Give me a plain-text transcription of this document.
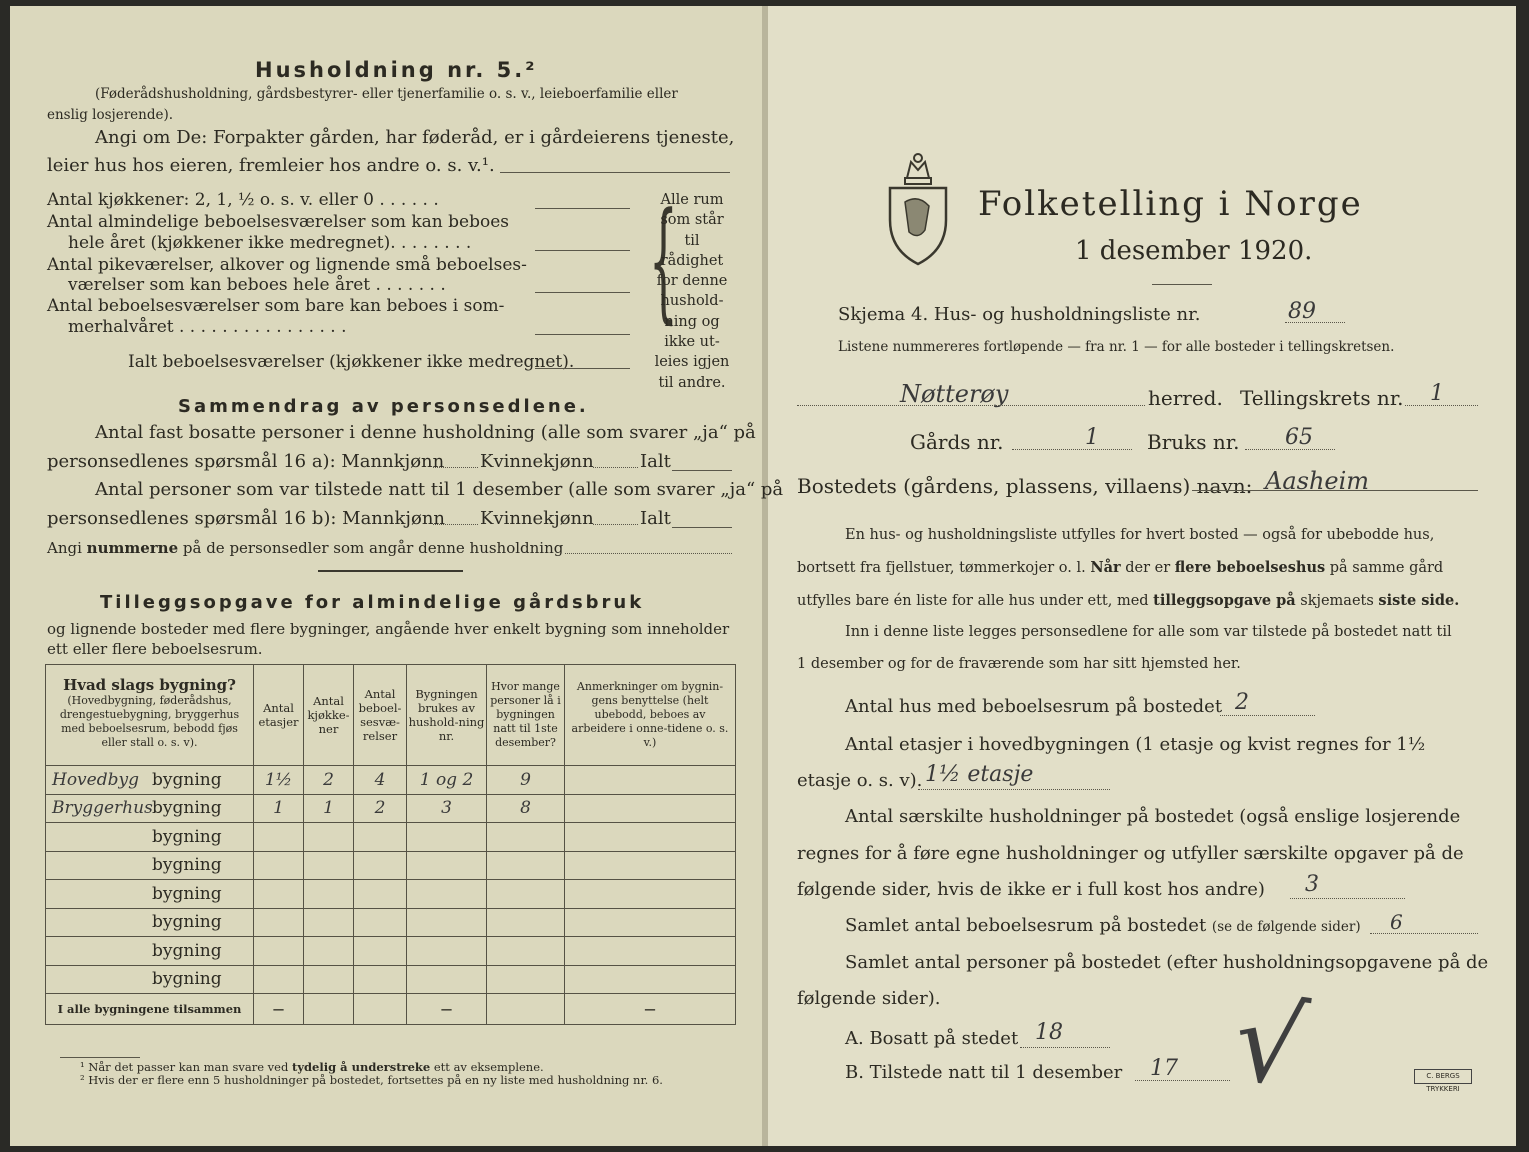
Husholdning nr. 5.²
(Føderådshusholdning, gårdsbestyrer- eller tjenerfamilie o. s. v., leieboerfamilie eller
enslig losjerende).
Angi om De: Forpakter gården, har føderåd, er i gårdeierens tjeneste,
leier hus hos eieren, fremleier hos andre o. s. v.¹.
Antal kjøkkener: 2, 1, ½ o. s. v. eller 0 . . . . . .
Antal almindelige beboelsesværelser som kan beboes
hele året (kjøkkener ikke medregnet). . . . . . . .
Antal pikeværelser, alkover og lignende små beboelses-
værelser som kan beboes hele året . . . . . . .
Antal beboelsesværelser som bare kan beboes i som-
merhalvåret . . . . . . . . . . . . . . . .
Ialt beboelsesværelser (kjøkkener ikke medregnet).
{
Alle rum
som står til
rådighet
for denne
hushold-
ning og
ikke ut-
leies igjen
til andre.
Sammendrag av personsedlene.
Antal fast bosatte personer i denne husholdning (alle som svarer „ja“ på
personsedlenes spørsmål 16 a): Mannkjønn Kvinnekjønn	Ialt
Antal personer som var tilstede natt til 1 desember (alle som svarer „ja“ på
personsedlenes spørsmål 16 b): Mannkjønn Kvinnekjønn	Ialt
Angi nummerne på de personsedler som angår denne husholdning
Tilleggsopgave for almindelige gårdsbruk
og lignende bosteder med flere bygninger, angående hver enkelt bygning som inneholder
ett eller flere beboelsesrum.
Hvad slags bygning?
(Hovedbygning, føderådshus, drengestuebygning, bryggerhus med beboelsesrum, bebodd fjøs eller stall o. s. v).	Antal etasjer	Antal kjøkke-ner	Antal beboel-sesvæ-relser	Bygningen brukes av hushold-ning nr.	Hvor mange personer lå i bygningen natt til 1ste desember?	Anmerkninger om bygnin-gens benyttelse (helt ubebodd, beboes av arbeidere i onne-tidene o. s. v.)
Hovedbyg bygning	1½	2	4	1 og 2	9	
Bryggerhusbygning	1	1	2	3	8	
bygning						
bygning						
bygning						
bygning						
bygning						
bygning						
I alle bygningene tilsammen	—			—		—
¹ Når det passer kan man svare ved tydelig å understreke ett av eksemplene.
² Hvis der er flere enn 5 husholdninger på bostedet, fortsettes på en ny liste med husholdning nr. 6.
Folketelling i Norge
1 desember 1920.
Skjema 4. Hus- og husholdningsliste nr.	89
Listene nummereres fortløpende — fra nr. 1 — for alle bosteder i tellingskretsen.
Nøtterøy	herred. Tellingskrets nr. 1
Gårds nr.	1 Bruks nr. 65
Bostedets (gårdens, plassens, villaens) navn: Aasheim
En hus- og husholdningsliste utfylles for hvert bosted — også for ubebodde hus,
bortsett fra fjellstuer, tømmerkojer o. l. Når der er flere beboelseshus på samme gård
utfylles bare én liste for alle hus under ett, med tilleggsopgave på skjemaets siste side.
Inn i denne liste legges personsedlene for alle som var tilstede på bostedet natt til
1 desember og for de fraværende som har sitt hjemsted her.
Antal hus med beboelsesrum på bostedet 2
Antal etasjer i hovedbygningen (1 etasje og kvist regnes for 1½
etasje o. s. v). 1½ etasje
Antal særskilte husholdninger på bostedet (også enslige losjerende
regnes for å føre egne husholdninger og utfyller særskilte opgaver på de
følgende sider, hvis de ikke er i full kost hos andre) 3
Samlet antal beboelsesrum på bostedet (se de følgende sider) 6
Samlet antal personer på bostedet (efter husholdningsopgavene på de
følgende sider).
A. Bosatt på stedet 18
B. Tilstede natt til 1 desember 17 √	C. BERGS TRYKKERI
